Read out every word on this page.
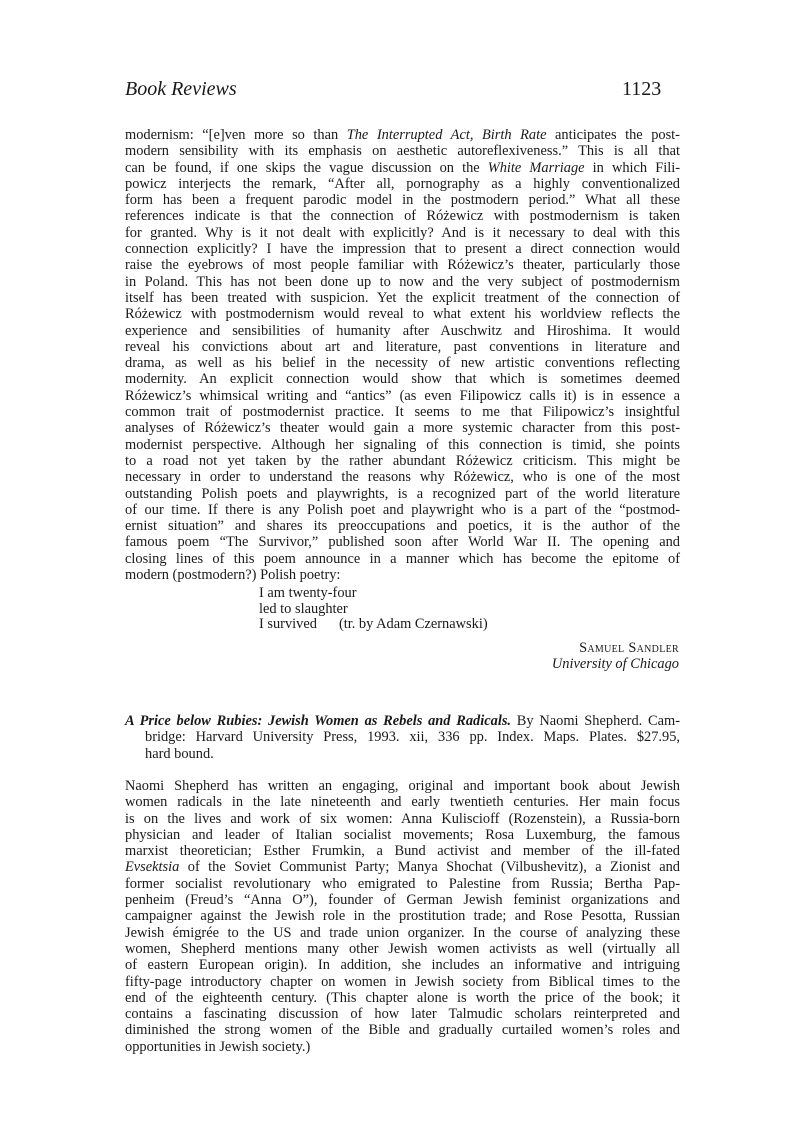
Book Reviews	1123
modernism: “[e]ven more so than The Interrupted Act, Birth Rate anticipates the post-
modern sensibility with its emphasis on aesthetic autoreflexiveness.” This is all that
can be found, if one skips the vague discussion on the White Marriage in which Fili-
powicz interjects the remark, “After all, pornography as a highly conventionalized
form has been a frequent parodic model in the postmodern period.” What all these
references indicate is that the connection of Różewicz with postmodernism is taken
for granted. Why is it not dealt with explicitly? And is it necessary to deal with this
connection explicitly? I have the impression that to present a direct connection would
raise the eyebrows of most people familiar with Różewicz’s theater, particularly those
in Poland. This has not been done up to now and the very subject of postmodernism
itself has been treated with suspicion. Yet the explicit treatment of the connection of
Różewicz with postmodernism would reveal to what extent his worldview reflects the
experience and sensibilities of humanity after Auschwitz and Hiroshima. It would
reveal his convictions about art and literature, past conventions in literature and
drama, as well as his belief in the necessity of new artistic conventions reflecting
modernity. An explicit connection would show that which is sometimes deemed
Różewicz’s whimsical writing and “antics” (as even Filipowicz calls it) is in essence a
common trait of postmodernist practice. It seems to me that Filipowicz’s insightful
analyses of Różewicz’s theater would gain a more systemic character from this post-
modernist perspective. Although her signaling of this connection is timid, she points
to a road not yet taken by the rather abundant Różewicz criticism. This might be
necessary in order to understand the reasons why Różewicz, who is one of the most
outstanding Polish poets and playwrights, is a recognized part of the world literature
of our time. If there is any Polish poet and playwright who is a part of the “postmod-
ernist situation” and shares its preoccupations and poetics, it is the author of the
famous poem “The Survivor,” published soon after World War II. The opening and
closing lines of this poem announce in a manner which has become the epitome of
modern (postmodern?) Polish poetry:
I am twenty-four
led to slaughter
I survived (tr. by Adam Czernawski)
Samuel Sandler
University of Chicago
A Price below Rubies: Jewish Women as Rebels and Radicals. By Naomi Shepherd. Cam-
bridge: Harvard University Press, 1993. xii, 336 pp. Index. Maps. Plates. $27.95,
hard bound.
Naomi Shepherd has written an engaging, original and important book about Jewish
women radicals in the late nineteenth and early twentieth centuries. Her main focus
is on the lives and work of six women: Anna Kuliscioff (Rozenstein), a Russia-born
physician and leader of Italian socialist movements; Rosa Luxemburg, the famous
marxist theoretician; Esther Frumkin, a Bund activist and member of the ill-fated
Evsektsia of the Soviet Communist Party; Manya Shochat (Vilbushevitz), a Zionist and
former socialist revolutionary who emigrated to Palestine from Russia; Bertha Pap-
penheim (Freud’s “Anna O”), founder of German Jewish feminist organizations and
campaigner against the Jewish role in the prostitution trade; and Rose Pesotta, Russian
Jewish émigrée to the US and trade union organizer. In the course of analyzing these
women, Shepherd mentions many other Jewish women activists as well (virtually all
of eastern European origin). In addition, she includes an informative and intriguing
fifty-page introductory chapter on women in Jewish society from Biblical times to the
end of the eighteenth century. (This chapter alone is worth the price of the book; it
contains a fascinating discussion of how later Talmudic scholars reinterpreted and
diminished the strong women of the Bible and gradually curtailed women’s roles and
opportunities in Jewish society.)
